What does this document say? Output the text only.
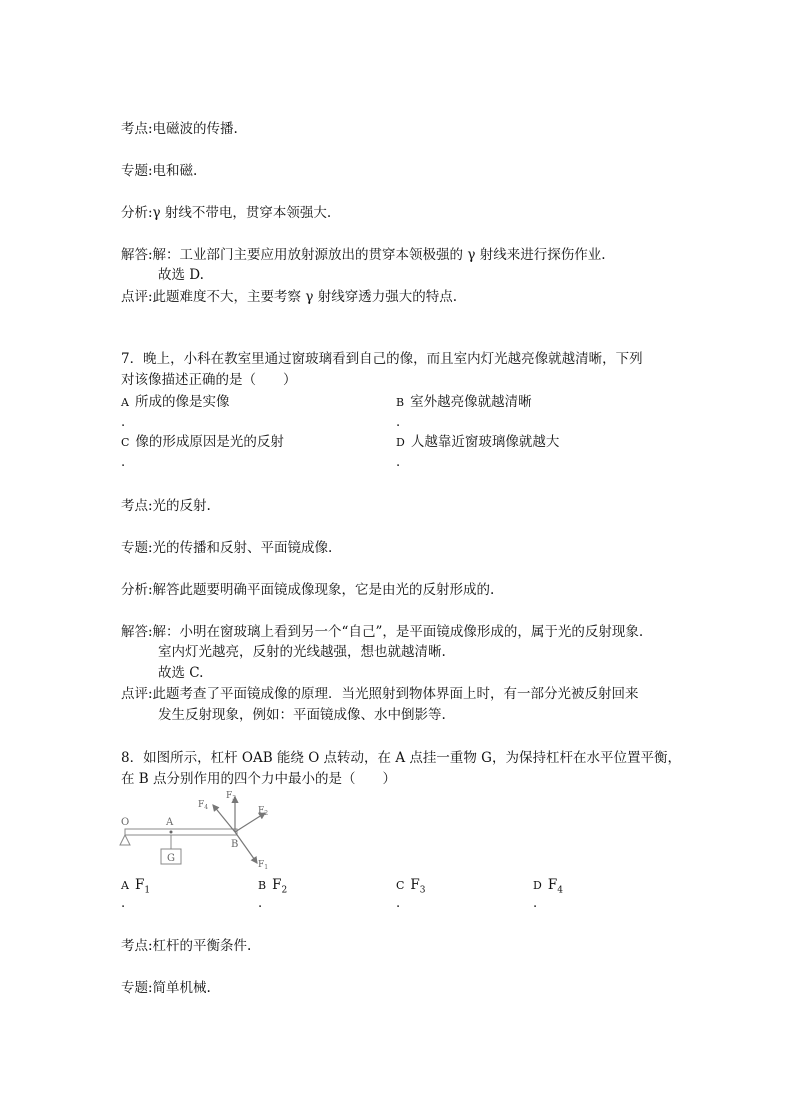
考点:电磁波的传播.
专题:电和磁.
分析:γ 射线不带电，贯穿本领强大.
解答:解：工业部门主要应用放射源放出的贯穿本领极强的 γ 射线来进行探伤作业.
故选 D.
点评:此题难度不大，主要考察 γ 射线穿透力强大的特点.
7．晚上，小科在教室里通过窗玻璃看到自己的像，而且室内灯光越亮像就越清晰，下列
对该像描述正确的是（　　）
A 所成的像是实像	B 室外越亮像就越清晰
.	.
C 像的形成原因是光的反射	D 人越靠近窗玻璃像就越大
.	.
考点:光的反射.
专题:光的传播和反射、平面镜成像.
分析:解答此题要明确平面镜成像现象，它是由光的反射形成的.
解答:解：小明在窗玻璃上看到另一个“自己”，是平面镜成像形成的，属于光的反射现象.
室内灯光越亮，反射的光线越强，想也就越清晰.
故选 C.
点评:此题考查了平面镜成像的原理．当光照射到物体界面上时，有一部分光被反射回来
发生反射现象，例如：平面镜成像、水中倒影等.
8．如图所示，杠杆 OAB 能绕 O 点转动，在 A 点挂一重物 G，为保持杠杆在水平位置平衡，
在 B 点分别作用的四个力中最小的是（　　）
O	A
B
G
$F_1$
$F_2$
$F_3$
$F_4$
A $F_1$	B $F_2$	C $F_3$	D $F_4$
.	.	.	.
考点:杠杆的平衡条件.
专题:简单机械.
